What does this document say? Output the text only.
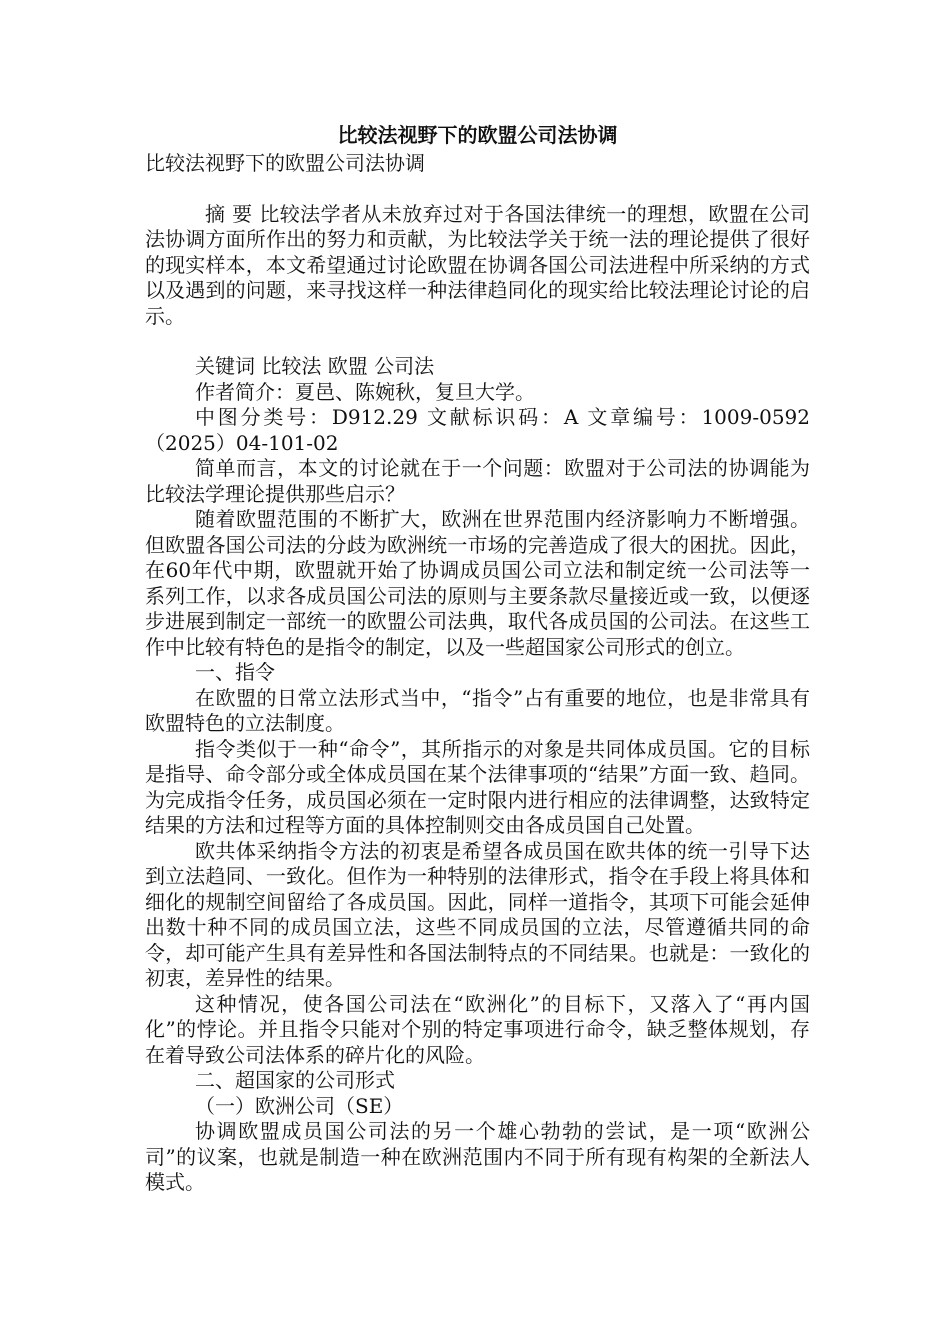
比较法视野下的欧盟公司法协调

比较法视野下的欧盟公司法协调

摘 要 比较法学者从未放弃过对于各国法律统一的理想，欧盟在公司法协调方面所作出的努力和贡献，为比较法学关于统一法的理论提供了很好的现实样本，本文希望通过讨论欧盟在协调各国公司法进程中所采纳的方式以及遇到的问题，来寻找这样一种法律趋同化的现实给比较法理论讨论的启示。

关键词 比较法 欧盟 公司法

作者简介：夏邑、陈婉秋，复旦大学。

中图分类号：D912.29 文献标识码：A 文章编号：1009-0592（2025）04-101-02

简单而言，本文的讨论就在于一个问题：欧盟对于公司法的协调能为比较法学理论提供那些启示？

随着欧盟范围的不断扩大，欧洲在世界范围内经济影响力不断增强。但欧盟各国公司法的分歧为欧洲统一市场的完善造成了很大的困扰。因此，在60年代中期，欧盟就开始了协调成员国公司立法和制定统一公司法等一系列工作，以求各成员国公司法的原则与主要条款尽量接近或一致，以便逐步进展到制定一部统一的欧盟公司法典，取代各成员国的公司法。在这些工作中比较有特色的是指令的制定，以及一些超国家公司形式的创立。

一、指令

在欧盟的日常立法形式当中，“指令”占有重要的地位，也是非常具有欧盟特色的立法制度。

指令类似于一种“命令”，其所指示的对象是共同体成员国。它的目标是指导、命令部分或全体成员国在某个法律事项的“结果”方面一致、趋同。为完成指令任务，成员国必须在一定时限内进行相应的法律调整，达致特定结果的方法和过程等方面的具体控制则交由各成员国自己处置。

欧共体采纳指令方法的初衷是希望各成员国在欧共体的统一引导下达到立法趋同、一致化。但作为一种特别的法律形式，指令在手段上将具体和细化的规制空间留给了各成员国。因此，同样一道指令，其项下可能会延伸出数十种不同的成员国立法，这些不同成员国的立法，尽管遵循共同的命令，却可能产生具有差异性和各国法制特点的不同结果。也就是：一致化的初衷，差异性的结果。

这种情况，使各国公司法在“欧洲化”的目标下，又落入了“再内国化”的悖论。并且指令只能对个别的特定事项进行命令，缺乏整体规划，存在着导致公司法体系的碎片化的风险。

二、超国家的公司形式

（一）欧洲公司（SE）

协调欧盟成员国公司法的另一个雄心勃勃的尝试，是一项“欧洲公司”的议案，也就是制造一种在欧洲范围内不同于所有现有构架的全新法人模式。
